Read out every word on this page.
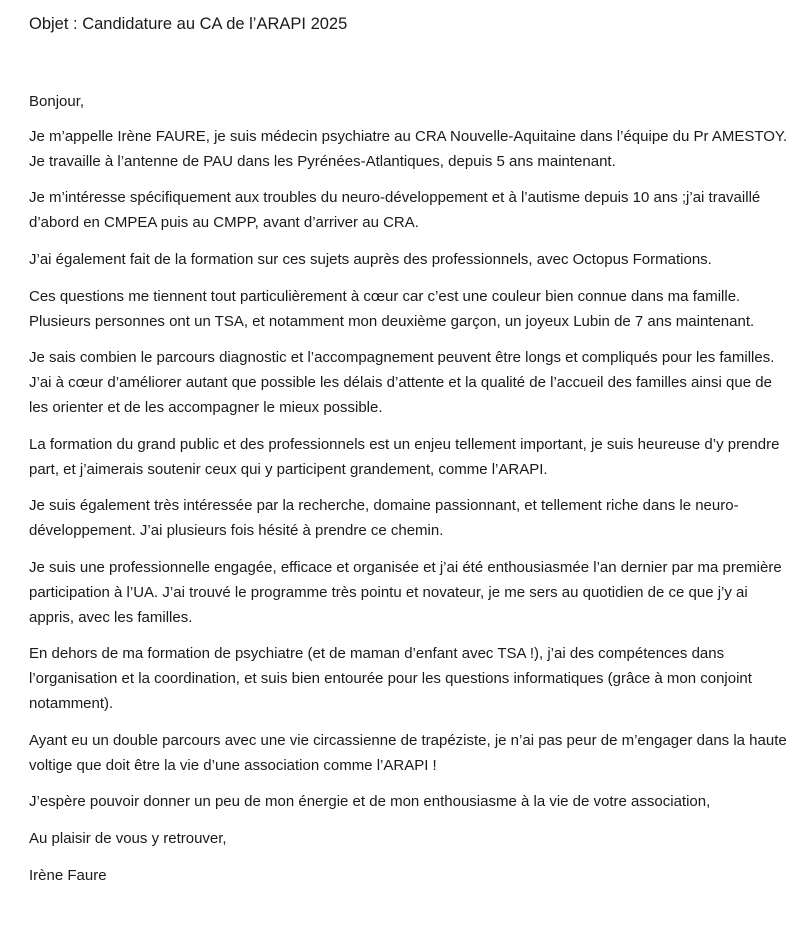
Objet : Candidature au CA de l’ARAPI 2025

Bonjour,

Je m’appelle Irène FAURE, je suis médecin psychiatre au CRA Nouvelle-Aquitaine dans l’équipe du Pr AMESTOY. Je travaille à l’antenne de PAU dans les Pyrénées-Atlantiques, depuis 5 ans maintenant.

Je m’intéresse spécifiquement aux troubles du neuro-développement et à l’autisme depuis 10 ans ;j’ai travaillé d’abord en CMPEA puis au CMPP, avant d’arriver au CRA.

J’ai également fait de la formation sur ces sujets auprès des professionnels, avec Octopus Formations.

Ces questions me tiennent tout particulièrement à cœur car c’est une couleur bien connue dans ma famille. Plusieurs personnes ont un TSA, et notamment mon deuxième garçon, un joyeux Lubin de 7 ans maintenant.

Je sais combien le parcours diagnostic et l’accompagnement peuvent être longs et compliqués pour les familles. J’ai à cœur d’améliorer autant que possible les délais d’attente et la qualité de l’accueil des familles ainsi que de les orienter et de les accompagner le mieux possible.

La formation du grand public et des professionnels est un enjeu tellement important, je suis heureuse d’y prendre part, et j’aimerais soutenir ceux qui y participent grandement, comme l’ARAPI.

Je suis également très intéressée par la recherche, domaine passionnant, et tellement riche dans le neuro-développement. J’ai plusieurs fois hésité à prendre ce chemin.

Je suis une professionnelle engagée, efficace et organisée et j’ai été enthousiasmée l’an dernier par ma première participation à l’UA. J’ai trouvé le programme très pointu et novateur, je me sers au quotidien de ce que j’y ai appris, avec les familles.

En dehors de ma formation de psychiatre (et de maman d’enfant avec TSA !), j’ai des compétences dans l’organisation et la coordination, et suis bien entourée pour les questions informatiques (grâce à mon conjoint notamment).

Ayant eu un double parcours avec une vie circassienne de trapéziste, je n’ai pas peur de m’engager dans la haute voltige que doit être la vie d’une association comme l’ARAPI !

J’espère pouvoir donner un peu de mon énergie et de mon enthousiasme à la vie de votre association,

Au plaisir de vous y retrouver,

Irène Faure
